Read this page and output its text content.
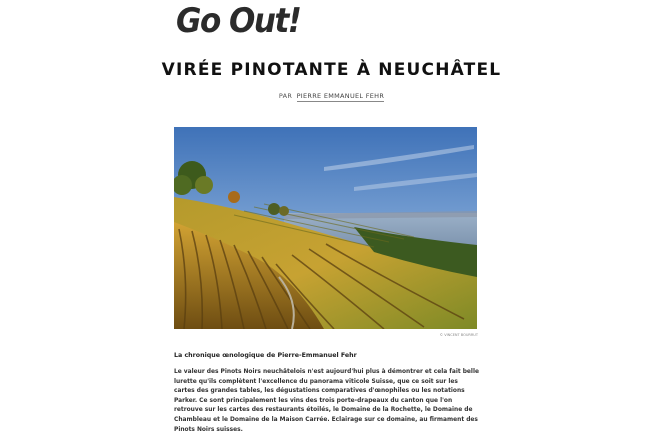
Go Out!
VIRÉE PINOTANTE À NEUCHÂTEL
PAR PIERRE EMMANUEL FEHR
© VINCENT BOURRUT
La chronique œnologique de Pierre-Emmanuel Fehr

Le valeur des Pinots Noirs neuchâtelois n'est aujourd'hui plus à démontrer et cela fait belle lurette qu'ils complètent l'excellence du panorama viticole Suisse, que ce soit sur les cartes des grandes tables, les dégustations comparatives d'œnophiles ou les notations Parker. Ce sont principalement les vins des trois porte-drapeaux du canton que l'on retrouve sur les cartes des restaurants étoilés, le Domaine de la Rochette, le Domaine de Chambleau et le Domaine de la Maison Carrée. Eclairage sur ce domaine, au firmament des Pinots Noirs suisses.
